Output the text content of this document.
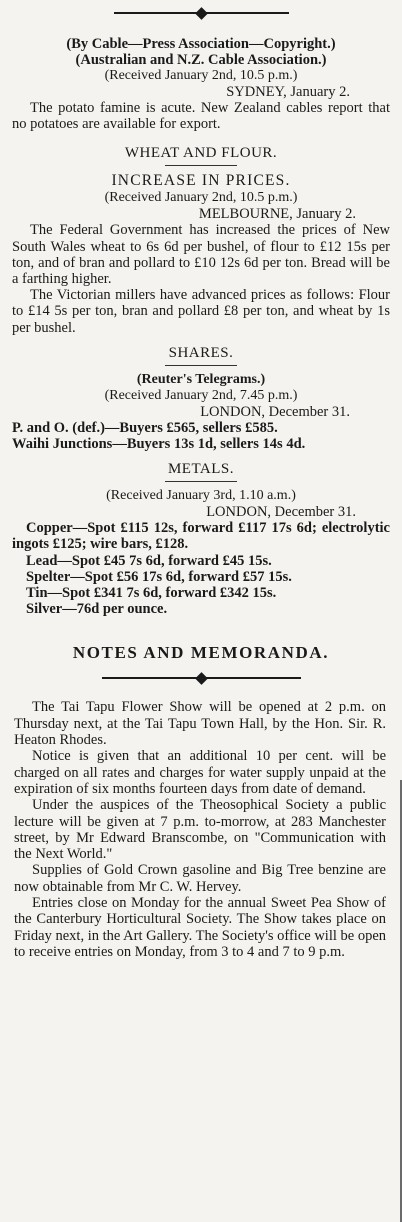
(By Cable—Press Association—Copyright.)
(Australian and N.Z. Cable Association.)
(Received January 2nd, 10.5 p.m.)
SYDNEY, January 2.

The potato famine is acute. New Zealand cables report that no potatoes are available for export.

WHEAT AND FLOUR.
INCREASE IN PRICES.
(Received January 2nd, 10.5 p.m.)
MELBOURNE, January 2.

The Federal Government has increased the prices of New South Wales wheat to 6s 6d per bushel, of flour to £12 15s per ton, and of bran and pollard to £10 12s 6d per ton. Bread will be a farthing higher.

The Victorian millers have advanced prices as follows: Flour to £14 5s per ton, bran and pollard £8 per ton, and wheat by 1s per bushel.

SHARES.
(Reuter's Telegrams.)
(Received January 2nd, 7.45 p.m.)
LONDON, December 31.

P. and O. (def.)—Buyers £565, sellers £585.

Waihi Junctions—Buyers 13s 1d, sellers 14s 4d.

METALS.
(Received January 3rd, 1.10 a.m.)
LONDON, December 31.

Copper—Spot £115 12s, forward £117 17s 6d; electrolytic ingots £125; wire bars, £128.

Lead—Spot £45 7s 6d, forward £45 15s.

Spelter—Spot £56 17s 6d, forward £57 15s.

Tin—Spot £341 7s 6d, forward £342 15s.

Silver—76d per ounce.

NOTES AND MEMORANDA.

The Tai Tapu Flower Show will be opened at 2 p.m. on Thursday next, at the Tai Tapu Town Hall, by the Hon. Sir. R. Heaton Rhodes.

Notice is given that an additional 10 per cent. will be charged on all rates and charges for water supply unpaid at the expiration of six months fourteen days from date of demand.

Under the auspices of the Theosophical Society a public lecture will be given at 7 p.m. to-morrow, at 283 Manchester street, by Mr Edward Branscombe, on "Communication with the Next World."

Supplies of Gold Crown gasoline and Big Tree benzine are now obtainable from Mr C. W. Hervey.

Entries close on Monday for the annual Sweet Pea Show of the Canterbury Horticultural Society. The Show takes place on Friday next, in the Art Gallery. The Society's office will be open to receive entries on Monday, from 3 to 4 and 7 to 9 p.m.
